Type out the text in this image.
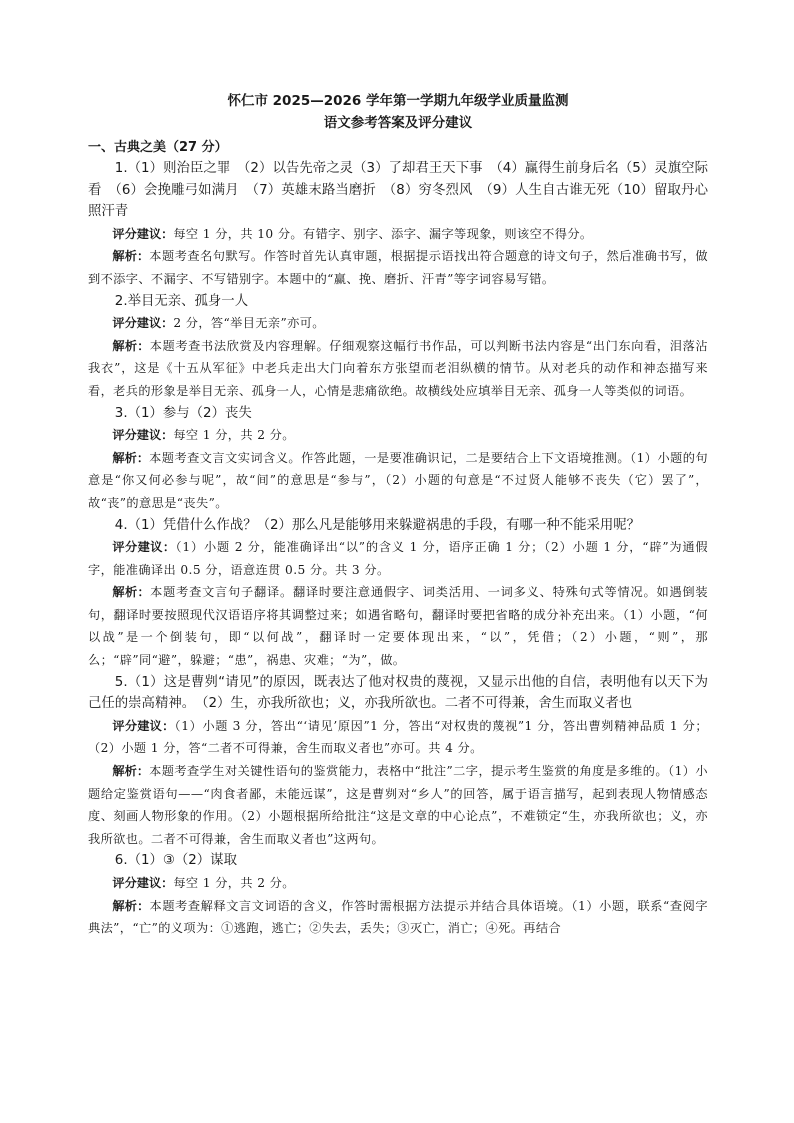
怀仁市 2025—2026 学年第一学期九年级学业质量监测

语文参考答案及评分建议

一、古典之美（27 分）

1.（1）则治臣之罪　（2）以告先帝之灵（3）了却君王天下事　（4）赢得生前身后名（5）灵旗空际看　（6）会挽雕弓如满月　（7）英雄末路当磨折　（8）穷冬烈风　（9）人生自古谁无死（10）留取丹心照汗青

评分建议：每空 1 分，共 10 分。有错字、别字、添字、漏字等现象，则该空不得分。

解析：本题考查名句默写。作答时首先认真审题，根据提示语找出符合题意的诗文句子，然后准确书写，做到不添字、不漏字、不写错别字。本题中的“赢、挽、磨折、汗青”等字词容易写错。

2.举目无亲、孤身一人

评分建议：2 分，答“举目无亲”亦可。

解析：本题考查书法欣赏及内容理解。仔细观察这幅行书作品，可以判断书法内容是“出门东向看，泪落沾我衣”，这是《十五从军征》中老兵走出大门向着东方张望而老泪纵横的情节。从对老兵的动作和神态描写来看，老兵的形象是举目无亲、孤身一人，心情是悲痛欲绝。故横线处应填举目无亲、孤身一人等类似的词语。

3.（1）参与（2）丧失

评分建议：每空 1 分，共 2 分。

解析：本题考查文言文实词含义。作答此题，一是要准确识记，二是要结合上下文语境推测。（1）小题的句意是“你又何必参与呢”，故“间”的意思是“参与”，（2）小题的句意是“不过贤人能够不丧失（它）罢了”，故“丧”的意思是“丧失”。

4.（1）凭借什么作战？（2）那么凡是能够用来躲避祸患的手段，有哪一种不能采用呢？

评分建议：（1）小题 2 分，能准确译出“以”的含义 1 分，语序正确 1 分；（2）小题 1 分，“辟”为通假字，能准确译出 0.5 分，语意连贯 0.5 分。共 3 分。

解析：本题考查文言句子翻译。翻译时要注意通假字、词类活用、一词多义、特殊句式等情况。如遇倒装句，翻译时要按照现代汉语语序将其调整过来；如遇省略句，翻译时要把省略的成分补充出来。（1）小题，“何以战”是一个倒装句，即“以何战”，翻译时一定要体现出来，“以”，凭借；（2）小题，“则”，那么；“辟”同“避”，躲避；“患”，祸患、灾难；“为”，做。

5.（1）这是曹刿“请见”的原因，既表达了他对权贵的蔑视，又显示出他的自信，表明他有以天下为己任的崇高精神。　（2）生，亦我所欲也；义，亦我所欲也。二者不可得兼，舍生而取义者也

评分建议：（1）小题 3 分，答出“‘请见’原因”1 分，答出“对权贵的蔑视”1 分，答出曹刿精神品质 1 分；（2）小题 1 分，答“二者不可得兼，舍生而取义者也”亦可。共 4 分。

解析：本题考查学生对关键性语句的鉴赏能力，表格中“批注”二字，提示考生鉴赏的角度是多维的。（1）小题给定鉴赏语句——“肉食者鄙，未能远谋”，这是曹刿对“乡人”的回答，属于语言描写，起到表现人物情感态度、刻画人物形象的作用。（2）小题根据所给批注“这是文章的中心论点”，不难锁定“生，亦我所欲也；义，亦我所欲也。二者不可得兼，舍生而取义者也”这两句。

6.（1）③（2）谋取

评分建议：每空 1 分，共 2 分。

解析：本题考查解释文言文词语的含义，作答时需根据方法提示并结合具体语境。（1）小题，联系“查阅字典法”，“亡”的义项为：①逃跑，逃亡；②失去，丢失；③灭亡，消亡；④死。再结合
